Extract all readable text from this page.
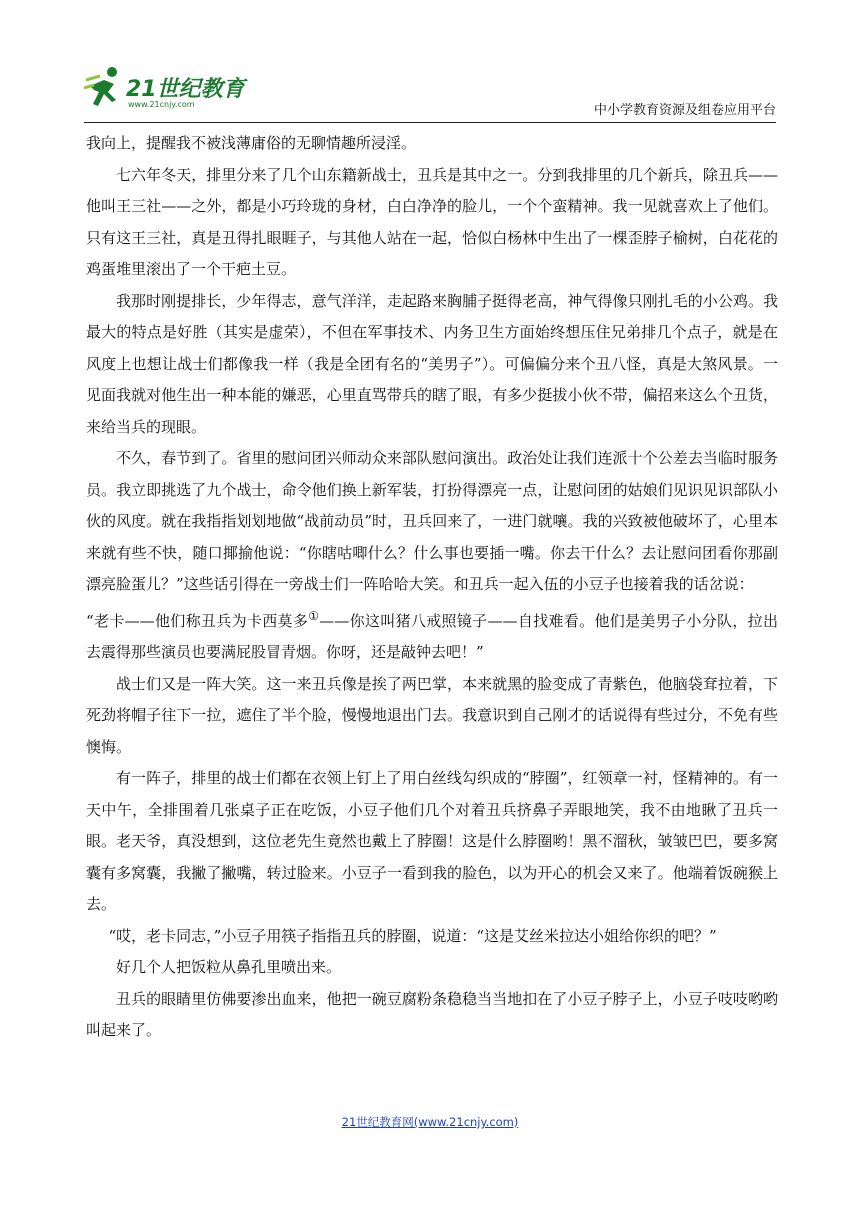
21世纪教育
www.21cnjy.com	中小学教育资源及组卷应用平台

我向上，提醒我不被浅薄庸俗的无聊情趣所浸淫。

七六年冬天，排里分来了几个山东籍新战士，丑兵是其中之一。分到我排里的几个新兵，除丑兵——他叫王三社——之外，都是小巧玲珑的身材，白白净净的脸儿，一个个蛮精神。我一见就喜欢上了他们。只有这王三社，真是丑得扎眼睚子，与其他人站在一起，恰似白杨林中生出了一棵歪脖子榆树，白花花的鸡蛋堆里滚出了一个干疤土豆。

我那时刚提排长，少年得志，意气洋洋，走起路来胸脯子挺得老高，神气得像只刚扎毛的小公鸡。我最大的特点是好胜（其实是虚荣），不但在军事技术、内务卫生方面始终想压住兄弟排几个点子，就是在风度上也想让战士们都像我一样（我是全团有名的“美男子”）。可偏偏分来个丑八怪，真是大煞风景。一见面我就对他生出一种本能的嫌恶，心里直骂带兵的瞎了眼，有多少挺拔小伙不带，偏招来这么个丑货，来给当兵的现眼。

不久，春节到了。省里的慰问团兴师动众来部队慰问演出。政治处让我们连派十个公差去当临时服务员。我立即挑选了九个战士，命令他们换上新军装，打扮得漂亮一点，让慰问团的姑娘们见识见识部队小伙的风度。就在我指指划划地做“战前动员”时，丑兵回来了，一进门就嚷。我的兴致被他破坏了，心里本来就有些不快，随口揶揄他说：“你瞎咕唧什么？什么事也要插一嘴。你去干什么？去让慰问团看你那副漂亮脸蛋儿？”这些话引得在一旁战士们一阵哈哈大笑。和丑兵一起入伍的小豆子也接着我的话岔说：

“老卡——他们称丑兵为卡西莫多①——你这叫猪八戒照镜子——自找难看。他们是美男子小分队，拉出去震得那些演员也要满屁股冒青烟。你呀，还是敲钟去吧！”

战士们又是一阵大笑。这一来丑兵像是挨了两巴掌，本来就黑的脸变成了青紫色，他脑袋耷拉着，下死劲将帽子往下一拉，遮住了半个脸，慢慢地退出门去。我意识到自己刚才的话说得有些过分，不免有些懊悔。

有一阵子，排里的战士们都在衣领上钉上了用白丝线勾织成的“脖圈”，红领章一衬，怪精神的。有一天中午，全排围着几张桌子正在吃饭，小豆子他们几个对着丑兵挤鼻子弄眼地笑，我不由地瞅了丑兵一眼。老天爷，真没想到，这位老先生竟然也戴上了脖圈！这是什么脖圈哟！黑不溜秋，皱皱巴巴，要多窝囊有多窝囊，我撇了撇嘴，转过脸来。小豆子一看到我的脸色，以为开心的机会又来了。他端着饭碗猴上去。

“哎，老卡同志，”小豆子用筷子指指丑兵的脖圈，说道：“这是艾丝米拉达小姐给你织的吧？”

好几个人把饭粒从鼻孔里喷出来。

丑兵的眼睛里仿佛要渗出血来，他把一碗豆腐粉条稳稳当当地扣在了小豆子脖子上，小豆子吱吱哟哟叫起来了。

21世纪教育网(www.21cnjy.com)
